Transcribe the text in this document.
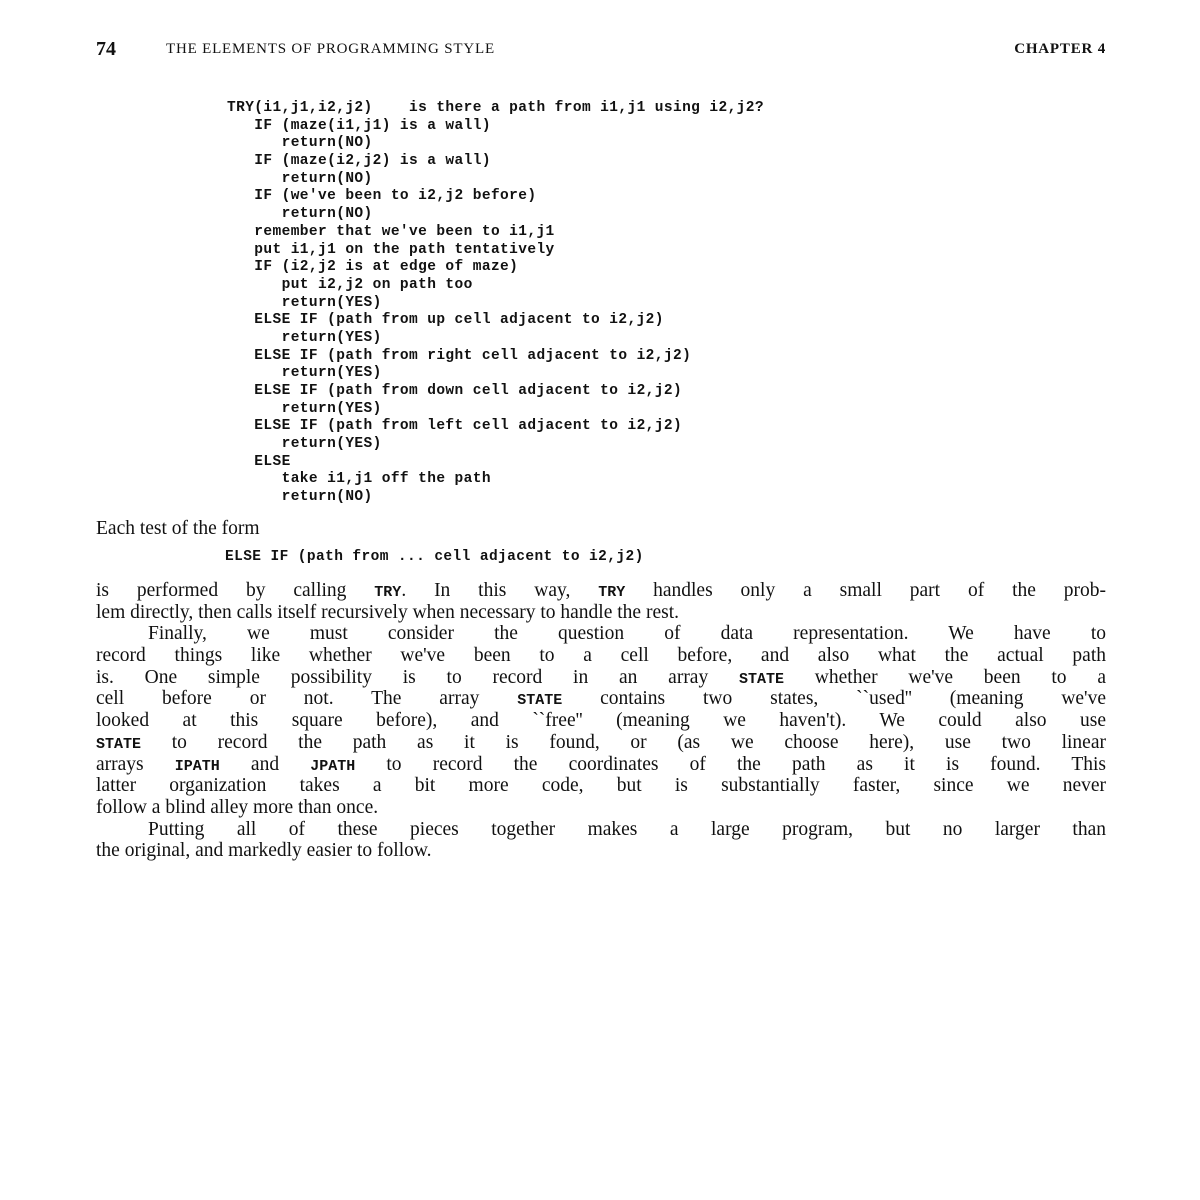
74	THE ELEMENTS OF PROGRAMMING STYLE	CHAPTER 4
TRY(i1,j1,i2,j2)    is there a path from i1,j1 using i2,j2?
IF (maze(i1,j1) is a wall)
return(NO)
IF (maze(i2,j2) is a wall)
return(NO)
IF (we've been to i2,j2 before)
return(NO)
remember that we've been to i1,j1
put i1,j1 on the path tentatively
IF (i2,j2 is at edge of maze)
put i2,j2 on path too
return(YES)
ELSE IF (path from up cell adjacent to i2,j2)
return(YES)
ELSE IF (path from right cell adjacent to i2,j2)
return(YES)
ELSE IF (path from down cell adjacent to i2,j2)
return(YES)
ELSE IF (path from left cell adjacent to i2,j2)
return(YES)
ELSE
take i1,j1 off the path
return(NO)
Each test of the form
ELSE IF (path from ... cell adjacent to i2,j2)
is performed by calling TRY. In this way, TRY handles only a small part of the prob-
lem directly, then calls itself recursively when necessary to handle the rest.
Finally, we must consider the question of data representation. We have to
record things like whether we've been to a cell before, and also what the actual path
is. One simple possibility is to record in an array STATE whether we've been to a
cell before or not. The array STATE contains two states, ``used'' (meaning we've
looked at this square before), and ``free'' (meaning we haven't). We could also use
STATE to record the path as it is found, or (as we choose here), use two linear
arrays IPATH and JPATH to record the coordinates of the path as it is found. This
latter organization takes a bit more code, but is substantially faster, since we never
follow a blind alley more than once.
Putting all of these pieces together makes a large program, but no larger than
the original, and markedly easier to follow.
